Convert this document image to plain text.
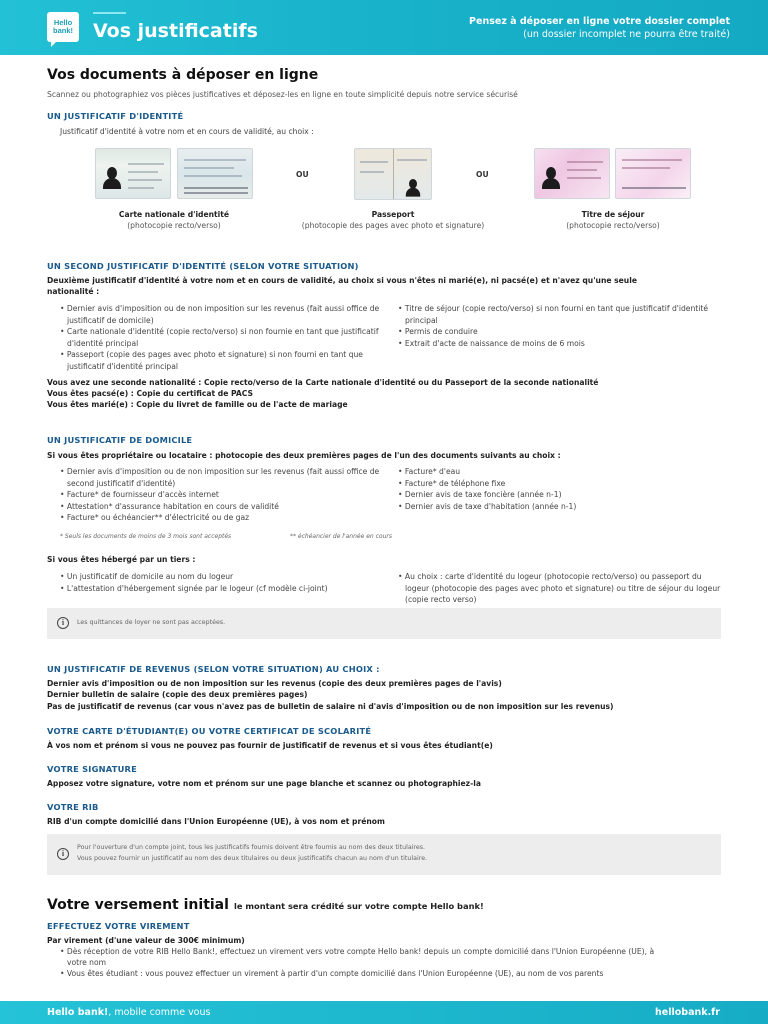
Hello
bank!	Vos justificatifs	Pensez à déposer en ligne votre dossier complet
(un dossier incomplet ne pourra être traité)
Vos documents à déposer en ligne
Scannez ou photographiez vos pièces justificatives et déposez-les en ligne en toute simplicité depuis notre service sécurisé
UN JUSTIFICATIF D'IDENTITÉ
Justificatif d'identité à votre nom et en cours de validité, au choix :
OU	OU
Carte nationale d'identité
(photocopie recto/verso)
Passeport
(photocopie des pages avec photo et signature)
Titre de séjour
(photocopie recto/verso)
UN SECOND JUSTIFICATIF D'IDENTITÉ (SELON VOTRE SITUATION)
Deuxième justificatif d'identité à votre nom et en cours de validité, au choix si vous n'êtes ni marié(e), ni pacsé(e) et n'avez qu'une seule
nationalité :
• Dernier avis d'imposition ou de non imposition sur les revenus (fait aussi office de justificatif de domicile)
• Carte nationale d'identité (copie recto/verso) si non fournie en tant que justificatif d'identité principal
• Passeport (copie des pages avec photo et signature) si non fourni en tant que justificatif d'identité principal
• Titre de séjour (copie recto/verso) si non fourni en tant que justificatif d'identité principal
• Permis de conduire
• Extrait d'acte de naissance de moins de 6 mois
Vous avez une seconde nationalité : Copie recto/verso de la Carte nationale d'identité ou du Passeport de la seconde nationalité
Vous êtes pacsé(e) : Copie du certificat de PACS
Vous êtes marié(e) : Copie du livret de famille ou de l'acte de mariage
UN JUSTIFICATIF DE DOMICILE
Si vous êtes propriétaire ou locataire : photocopie des deux premières pages de l'un des documents suivants au choix :
• Dernier avis d'imposition ou de non imposition sur les revenus (fait aussi office de second justificatif d'identité)
• Facture* de fournisseur d'accès internet
• Attestation* d'assurance habitation en cours de validité
• Facture* ou échéancier** d'électricité ou de gaz
• Facture* d'eau
• Facture* de téléphone fixe
• Dernier avis de taxe foncière (année n-1)
• Dernier avis de taxe d'habitation (année n-1)
* Seuls les documents de moins de 3 mois sont acceptés	** échéancier de l'année en cours
Si vous êtes hébergé par un tiers :
• Un justificatif de domicile au nom du logeur
• L'attestation d'hébergement signée par le logeur (cf modèle ci-joint)
• Au choix : carte d'identité du logeur (photocopie recto/verso) ou passeport du logeur (photocopie des pages avec photo et signature) ou titre de séjour du logeur (copie recto verso)
i	Les quittances de loyer ne sont pas acceptées.
UN JUSTIFICATIF DE REVENUS (SELON VOTRE SITUATION) AU CHOIX :
Dernier avis d'imposition ou de non imposition sur les revenus (copie des deux premières pages de l'avis)
Dernier bulletin de salaire (copie des deux premières pages)
Pas de justificatif de revenus (car vous n'avez pas de bulletin de salaire ni d'avis d'imposition ou de non imposition sur les revenus)
VOTRE CARTE D'ÉTUDIANT(E) OU VOTRE CERTIFICAT DE SCOLARITÉ
À vos nom et prénom si vous ne pouvez pas fournir de justificatif de revenus et si vous êtes étudiant(e)
VOTRE SIGNATURE
Apposez votre signature, votre nom et prénom sur une page blanche et scannez ou photographiez-la
VOTRE RIB
RIB d'un compte domicilié dans l'Union Européenne (UE), à vos nom et prénom
i
Pour l'ouverture d'un compte joint, tous les justificatifs fournis doivent être fournis au nom des deux titulaires.
Vous pouvez fournir un justificatif au nom des deux titulaires ou deux justificatifs chacun au nom d'un titulaire.
Votre versement initial le montant sera crédité sur votre compte Hello bank!
EFFECTUEZ VOTRE VIREMENT
Par virement (d'une valeur de 300€ minimum)
• Dès réception de votre RIB Hello Bank!, effectuez un virement vers votre compte Hello bank! depuis un compte domicilié dans l'Union Européenne (UE), à votre nom
• Vous êtes étudiant : vous pouvez effectuer un virement à partir d'un compte domicilié dans l'Union Européenne (UE), au nom de vos parents
Hello bank!, mobile comme vous	hellobank.fr
